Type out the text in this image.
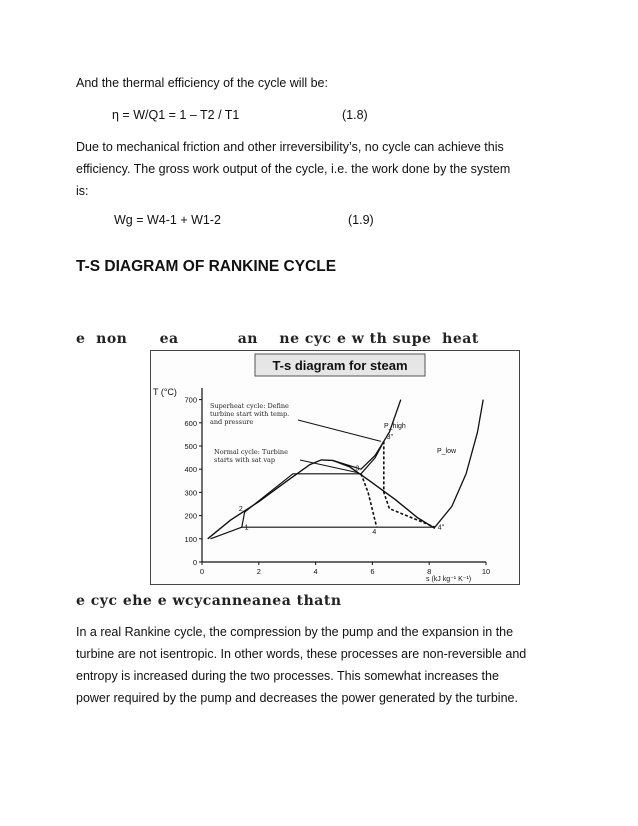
And the thermal efficiency of the cycle will be:

η = W/Q1 = 1 – T2 / T1	(1.8)

Due to mechanical friction and other irreversibility’s, no cycle can achieve this

efficiency. The gross work output of the cycle, i.e. the work done by the system

is:

Wg = W4-1 + W1-2	(1.9)
T-S DIAGRAM OF RANKINE CYCLE
e  non      ea           an    ne cyc e w th supe  heat
T-s diagram for steam
T (°C)
s (kJ kg⁻¹ K⁻¹)
700
600
500
400
300
200
100
0
0	2	4	6	8	10
1
2
3
3''
4
4''
Superheat cycle: Define
turbine start with temp.
and pressure
Normal cycle: Turbine
starts with sat vap
P_high
P_low
e cyc ehe e wcycanneanea thatn

In a real Rankine cycle, the compression by the pump and the expansion in the

turbine are not isentropic. In other words, these processes are non-reversible and

entropy is increased during the two processes. This somewhat increases the

power required by the pump and decreases the power generated by the turbine.
